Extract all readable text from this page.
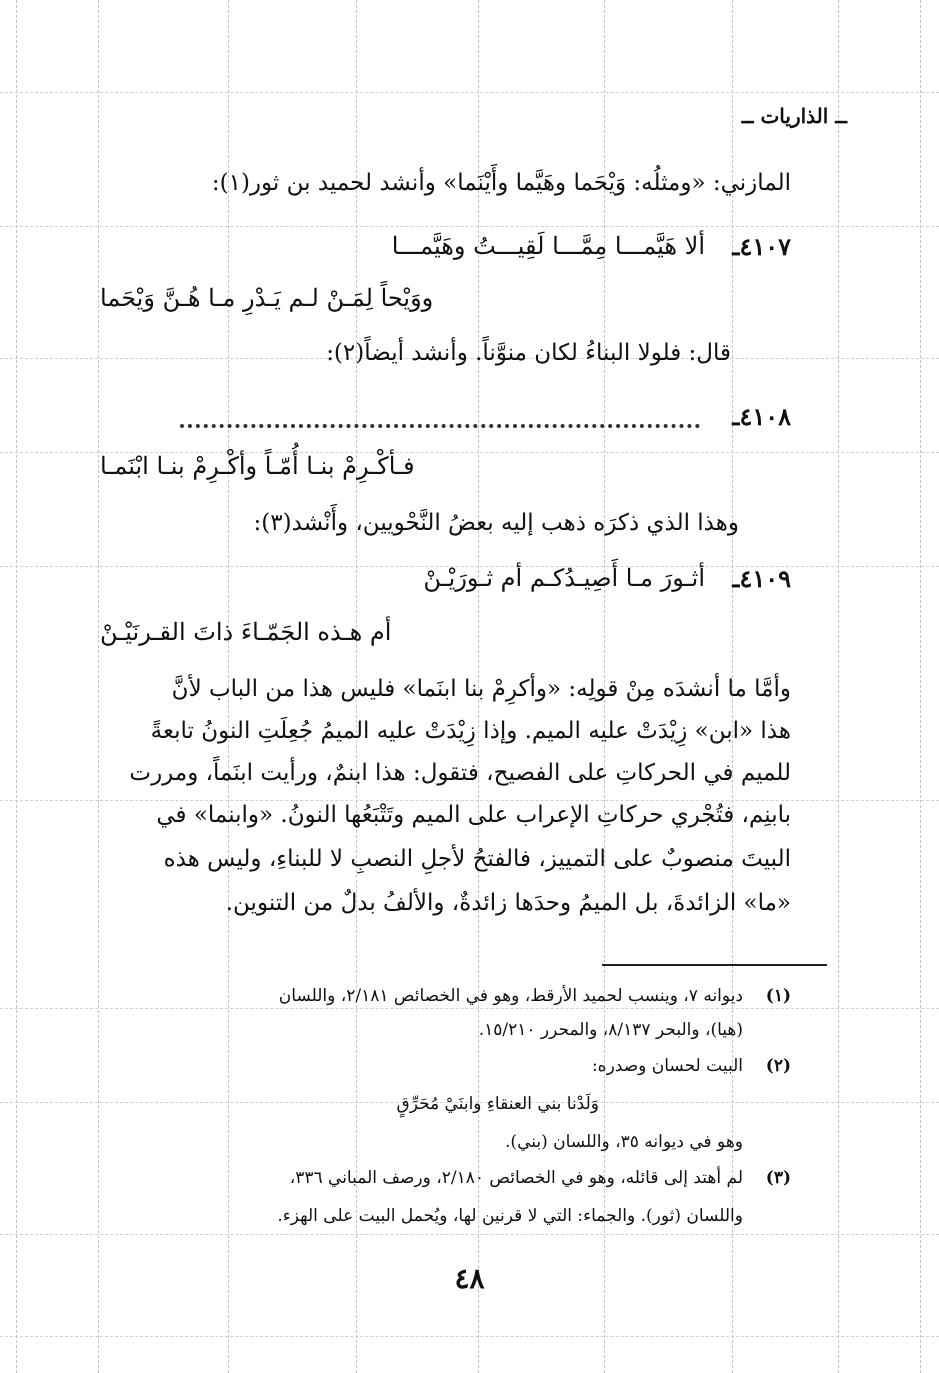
ــ الذاريات ــ
المازني: «ومثلُه: وَيْحَما وهَيَّما وأَيْنَما» وأنشد لحميد بن ثور(١):
٤١٠٧ـ
ألا هَيَّمـــا مِمَّـــا لَقِيـــتُ وهَيَّمـــا
ووَيْحاً لِمَـنْ لـم يَـدْرِ مـا هُـنَّ وَيْحَما
قال: فلولا البناءُ لكان منوَّناً. وأنشد أيضاً(٢):
٤١٠٨ـ
فـأكْـرِمْ بنـا أُمّـاً وأكْـرِمْ بنـا ابْنَمـا
وهذا الذي ذكرَه ذهب إليه بعضُ النَّحْويين، وأَنْشد(٣):
٤١٠٩ـ
أثـورَ مـا أَصِيـدُكـم أم ثـورَيْـنْ
أم هـذه الجَمّـاءَ ذاتَ القـرنَيْـنْ
وأمَّا ما أنشدَه مِنْ قولِه: «وأكرِمْ بنا ابنَما» فليس هذا من الباب لأنَّ
هذا «ابن» زِيْدَتْ عليه الميم. وإذا زِيْدَتْ عليه الميمُ جُعِلَتِ النونُ تابعةً
للميم في الحركاتِ على الفصيح، فتقول: هذا ابنمٌ، ورأيت ابنَماً، ومررت
بابنِم، فتُجْري حركاتِ الإعراب على الميم وتَتْبَعُها النونُ. «وابنما» في
البيتَ منصوبٌ على التمييز، فالفتحُ لأجلِ النصبِ لا للبناءِ، وليس هذه
«ما» الزائدةَ، بل الميمُ وحدَها زائدةٌ، والألفُ بدلٌ من التنوين.
(١)
ديوانه ٧، وينسب لحميد الأرقط، وهو في الخصائص ٢/١٨١، واللسان
(هيا)، والبحر ٨/١٣٧، والمحرر ١٥/٢١٠.
(٢)
البيت لحسان وصدره:
وَلَدْنا بني العنقاءِ وابنَيْ مُحَرِّقٍ
وهو في ديوانه ٣٥، واللسان (بني).
(٣)
لم أهتد إلى قائله، وهو في الخصائص ٢/١٨٠، ورصف المباني ٣٣٦،
واللسان (ثور). والجماء: التي لا قرنين لها، ويُحمل البيت على الهزء.
٤٨
